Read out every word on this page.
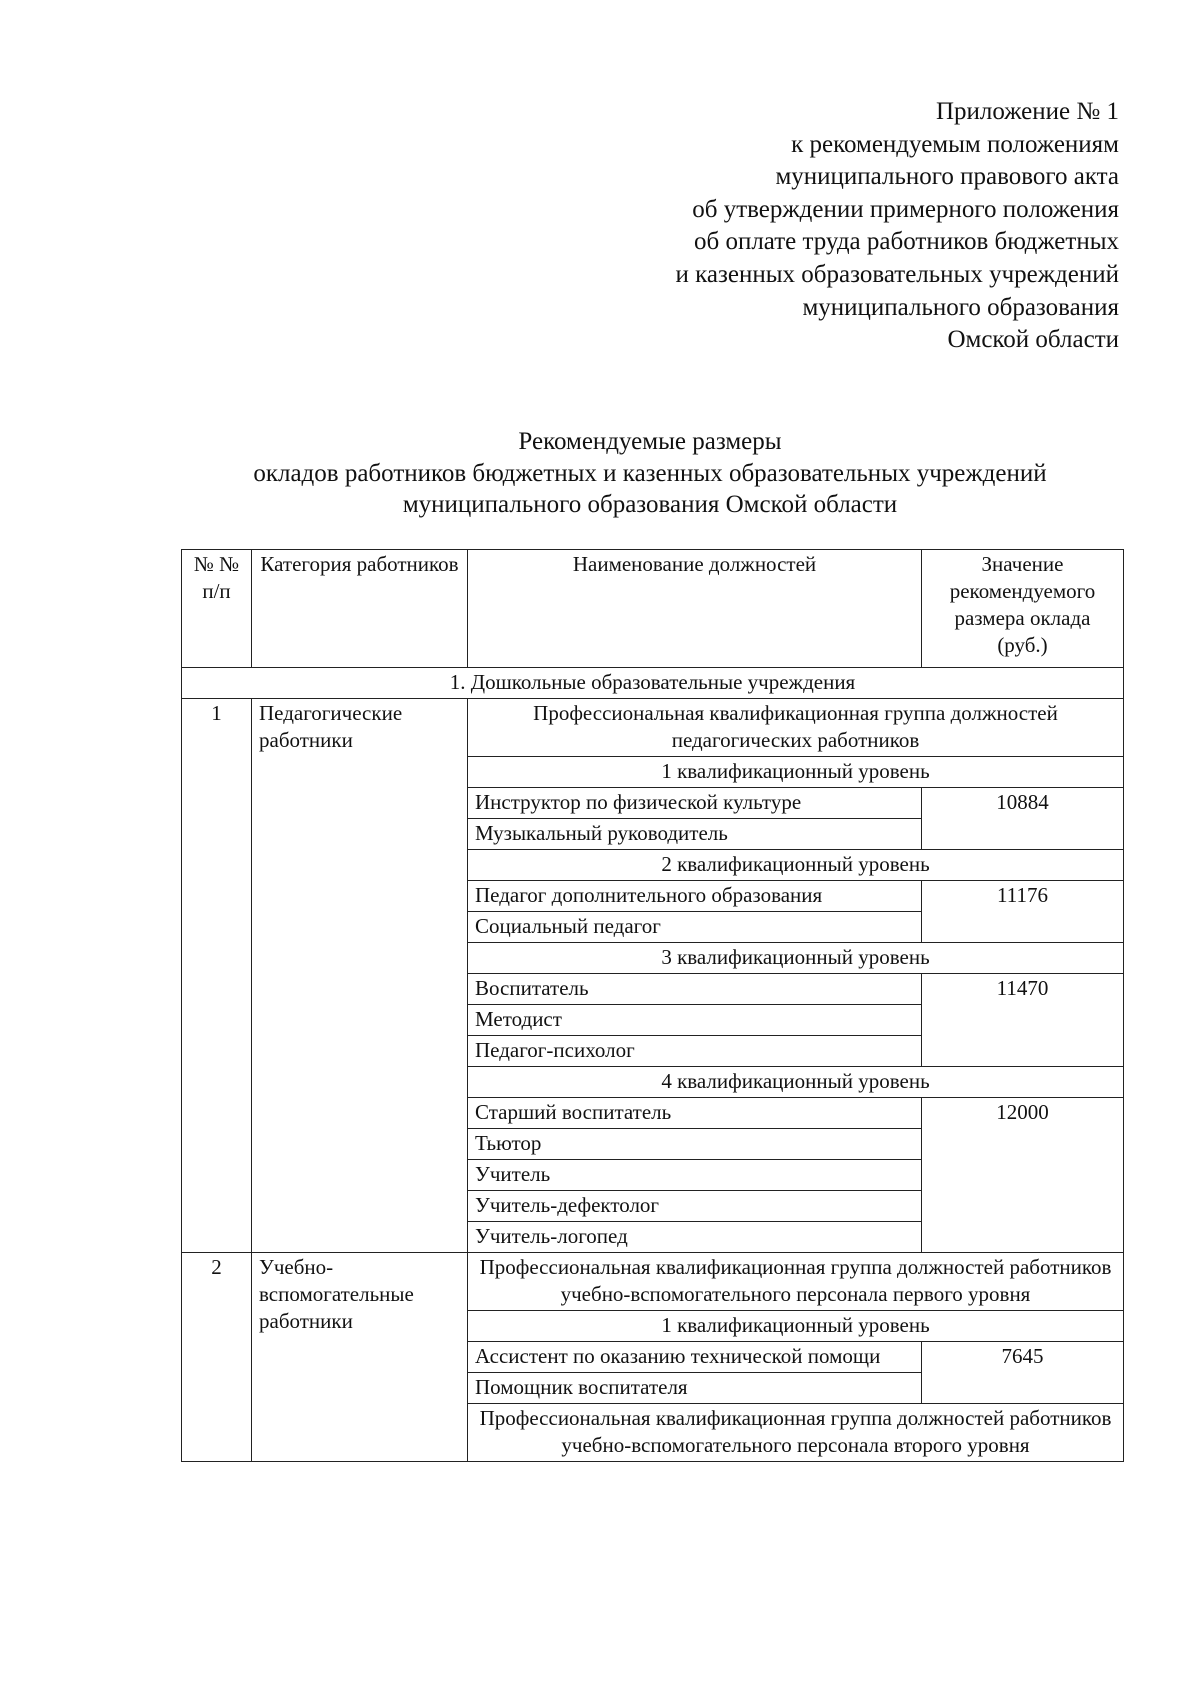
Приложение № 1
к рекомендуемым положениям
муниципального правового акта
об утверждении примерного положения
об оплате труда работников бюджетных
и казенных образовательных учреждений
муниципального образования
Омской области
Рекомендуемые размеры
окладов работников бюджетных и казенных образовательных учреждений
муниципального образования Омской области
№ № п/п	Категория работников	Наименование должностей	Значение рекомендуемого размера оклада (руб.)
1. Дошкольные образовательные учреждения			
1	Педагогические работники	Профессиональная квалификационная группа должностей педагогических работников	
		1 квалификационный уровень	
		Инструктор по физической культуре	10884
		Музыкальный руководитель	
		2 квалификационный уровень	
		Педагог дополнительного образования	11176
		Социальный педагог	
		3 квалификационный уровень	
		Воспитатель	11470
		Методист	
		Педагог-психолог	
		4 квалификационный уровень	
		Старший воспитатель	12000
		Тьютор	
		Учитель	
		Учитель-дефектолог	
		Учитель-логопед	
2	Учебно-вспомогательные работники	Профессиональная квалификационная группа должностей работников учебно-вспомогательного персонала первого уровня	
		1 квалификационный уровень	
		Ассистент по оказанию технической помощи	7645
		Помощник воспитателя	
		Профессиональная квалификационная группа должностей работников учебно-вспомогательного персонала второго уровня	
